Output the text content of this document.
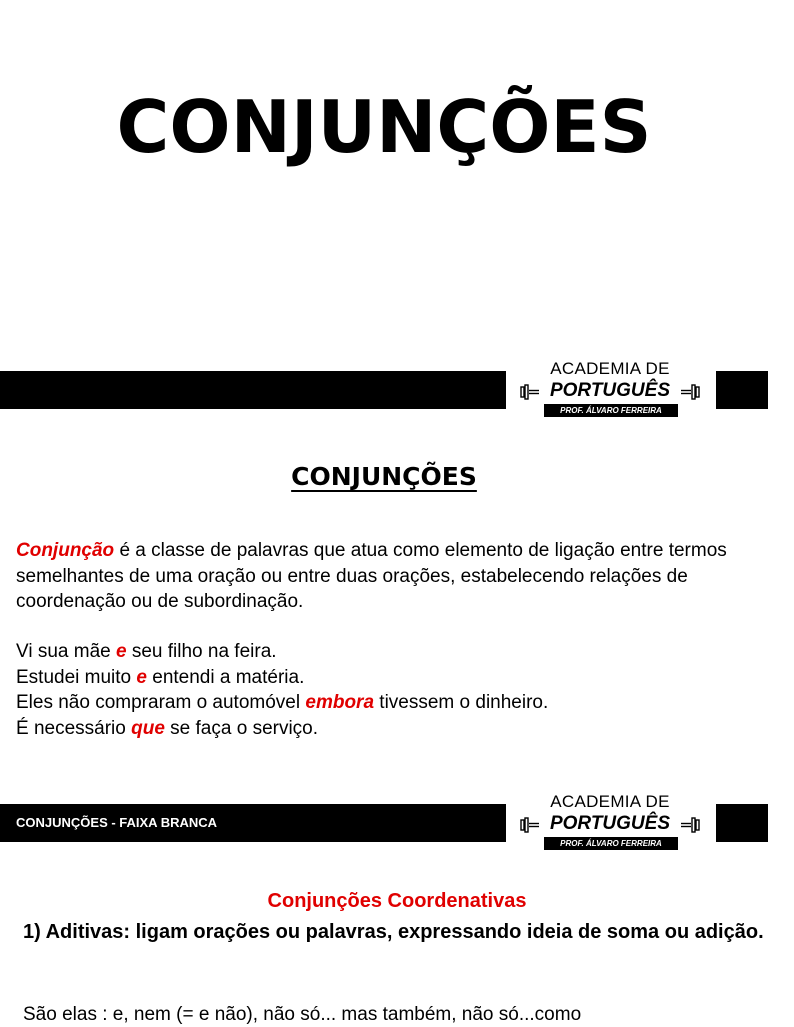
CONJUNÇÕES
ACADEMIA DE
PORTUGUÊS
PROF. ÁLVARO FERREIRA
CONJUNÇÕES
Conjunção é a classe de palavras que atua como elemento de ligação entre termos semelhantes de uma oração ou entre duas orações, estabelecendo relações de coordenação ou de subordinação.
Vi sua mãe e seu filho na feira.
Estudei muito e entendi a matéria.
Eles não compraram o automóvel embora tivessem o dinheiro.
É necessário que se faça o serviço.
CONJUNÇÕES - FAIXA BRANCA
ACADEMIA DE
PORTUGUÊS
PROF. ÁLVARO FERREIRA
Conjunções Coordenativas
1) Aditivas: ligam orações ou palavras, expressando ideia de soma ou adição.
São elas : e, nem (= e não), não só... mas também, não só...como
